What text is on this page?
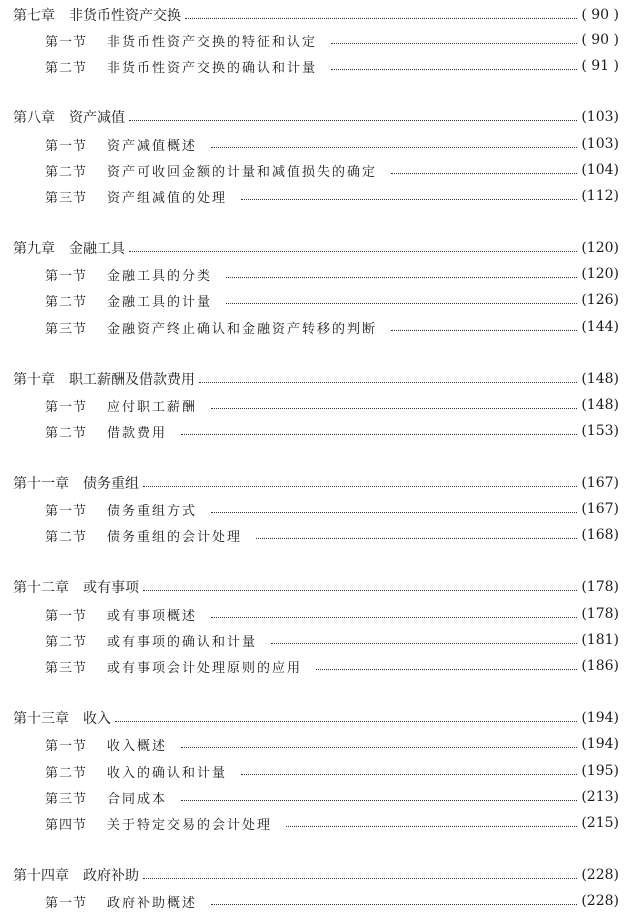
第七章 非货币性资产交换	( 90 )
第一节 非货币性资产交换的特征和认定	( 90 )
第二节 非货币性资产交换的确认和计量	( 91 )
第八章 资产减值	(103)
第一节 资产减值概述	(103)
第二节 资产可收回金额的计量和减值损失的确定	(104)
第三节 资产组减值的处理	(112)
第九章 金融工具	(120)
第一节 金融工具的分类	(120)
第二节 金融工具的计量	(126)
第三节 金融资产终止确认和金融资产转移的判断	(144)
第十章 职工薪酬及借款费用	(148)
第一节 应付职工薪酬	(148)
第二节 借款费用	(153)
第十一章 债务重组	(167)
第一节 债务重组方式	(167)
第二节 债务重组的会计处理	(168)
第十二章 或有事项	(178)
第一节 或有事项概述	(178)
第二节 或有事项的确认和计量	(181)
第三节 或有事项会计处理原则的应用	(186)
第十三章 收入	(194)
第一节 收入概述	(194)
第二节 收入的确认和计量	(195)
第三节 合同成本	(213)
第四节 关于特定交易的会计处理	(215)
第十四章 政府补助	(228)
第一节 政府补助概述	(228)
